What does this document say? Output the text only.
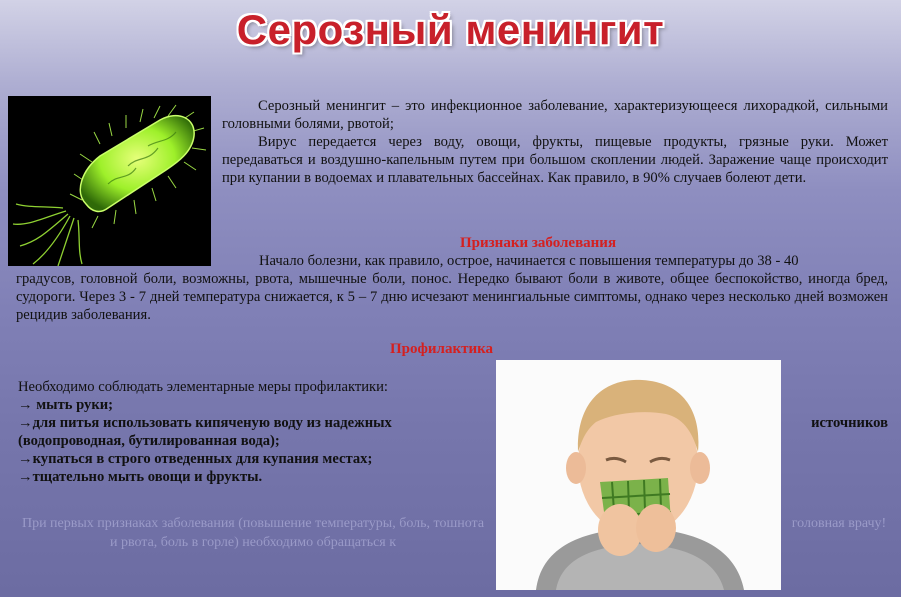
Серозный менингит

Серозный менингит – это инфекционное заболевание, характеризующееся лихорадкой, сильными головными болями, рвотой;

Вирус передается через воду, овощи, фрукты, пищевые продукты, грязные руки. Может передаваться и воздушно-капельным путем при большом скоплении людей. Заражение чаще происходит при купании в водоемах и плавательных бассейнах. Как правило, в 90% случаев болеют дети.

Признаки заболевания
Начало болезни, как правило, острое, начинается с повышения температуры до 38 - 40
градусов, головной боли, возможны, рвота, мышечные боли, понос. Нередко бывают боли в животе, общее беспокойство, иногда бред, судороги. Через 3 - 7 дней температура снижается, к 5 – 7 дню исчезают менингиальные симптомы, однако через несколько дней возможен рецидив заболевания.
Профилактика
Необходимо соблюдать элементарные меры профилактики:
→ мыть руки;
→для питья использовать кипяченую воду из надежных	источников
(водопроводная, бутилированная вода);
→купаться в строго отведенных для купания местах;
→тщательно мыть овощи и фрукты.
При первых признаках заболевания (повышение температуры, боль, тошнота и рвота, боль в горле) необходимо обращаться к
головная врачу!
